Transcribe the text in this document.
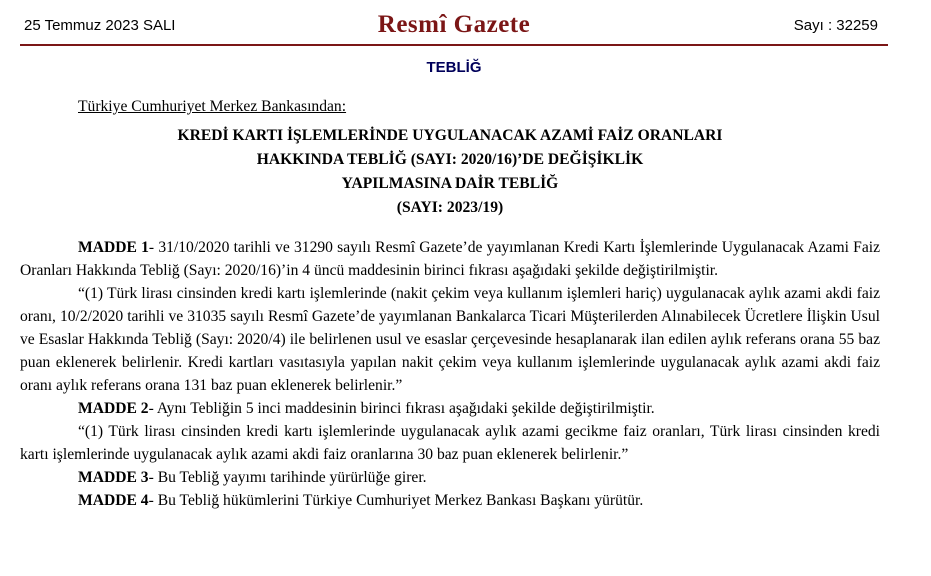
25 Temmuz 2023 SALI	Resmî Gazete	Sayı : 32259
TEBLİĞ

Türkiye Cumhuriyet Merkez Bankasından:

KREDİ KARTI İŞLEMLERİNDE UYGULANACAK AZAMİ FAİZ ORANLARI
HAKKINDA TEBLİĞ (SAYI: 2020/16)’DE DEĞİŞİKLİK
YAPILMASINA DAİR TEBLİĞ
(SAYI: 2023/19)

MADDE 1- 31/10/2020 tarihli ve 31290 sayılı Resmî Gazete’de yayımlanan Kredi Kartı İşlemlerinde Uygulanacak Azami Faiz Oranları Hakkında Tebliğ (Sayı: 2020/16)’in 4 üncü maddesinin birinci fıkrası aşağıdaki şekilde değiştirilmiştir.

“(1) Türk lirası cinsinden kredi kartı işlemlerinde (nakit çekim veya kullanım işlemleri hariç) uygulanacak aylık azami akdi faiz oranı, 10/2/2020 tarihli ve 31035 sayılı Resmî Gazete’de yayımlanan Bankalarca Ticari Müşterilerden Alınabilecek Ücretlere İlişkin Usul ve Esaslar Hakkında Tebliğ (Sayı: 2020/4) ile belirlenen usul ve esaslar çerçevesinde hesaplanarak ilan edilen aylık referans orana 55 baz puan eklenerek belirlenir. Kredi kartları vasıtasıyla yapılan nakit çekim veya kullanım işlemlerinde uygulanacak aylık azami akdi faiz oranı aylık referans orana 131 baz puan eklenerek belirlenir.”

MADDE 2- Aynı Tebliğin 5 inci maddesinin birinci fıkrası aşağıdaki şekilde değiştirilmiştir.

“(1) Türk lirası cinsinden kredi kartı işlemlerinde uygulanacak aylık azami gecikme faiz oranları, Türk lirası cinsinden kredi kartı işlemlerinde uygulanacak aylık azami akdi faiz oranlarına 30 baz puan eklenerek belirlenir.”

MADDE 3- Bu Tebliğ yayımı tarihinde yürürlüğe girer.

MADDE 4- Bu Tebliğ hükümlerini Türkiye Cumhuriyet Merkez Bankası Başkanı yürütür.
